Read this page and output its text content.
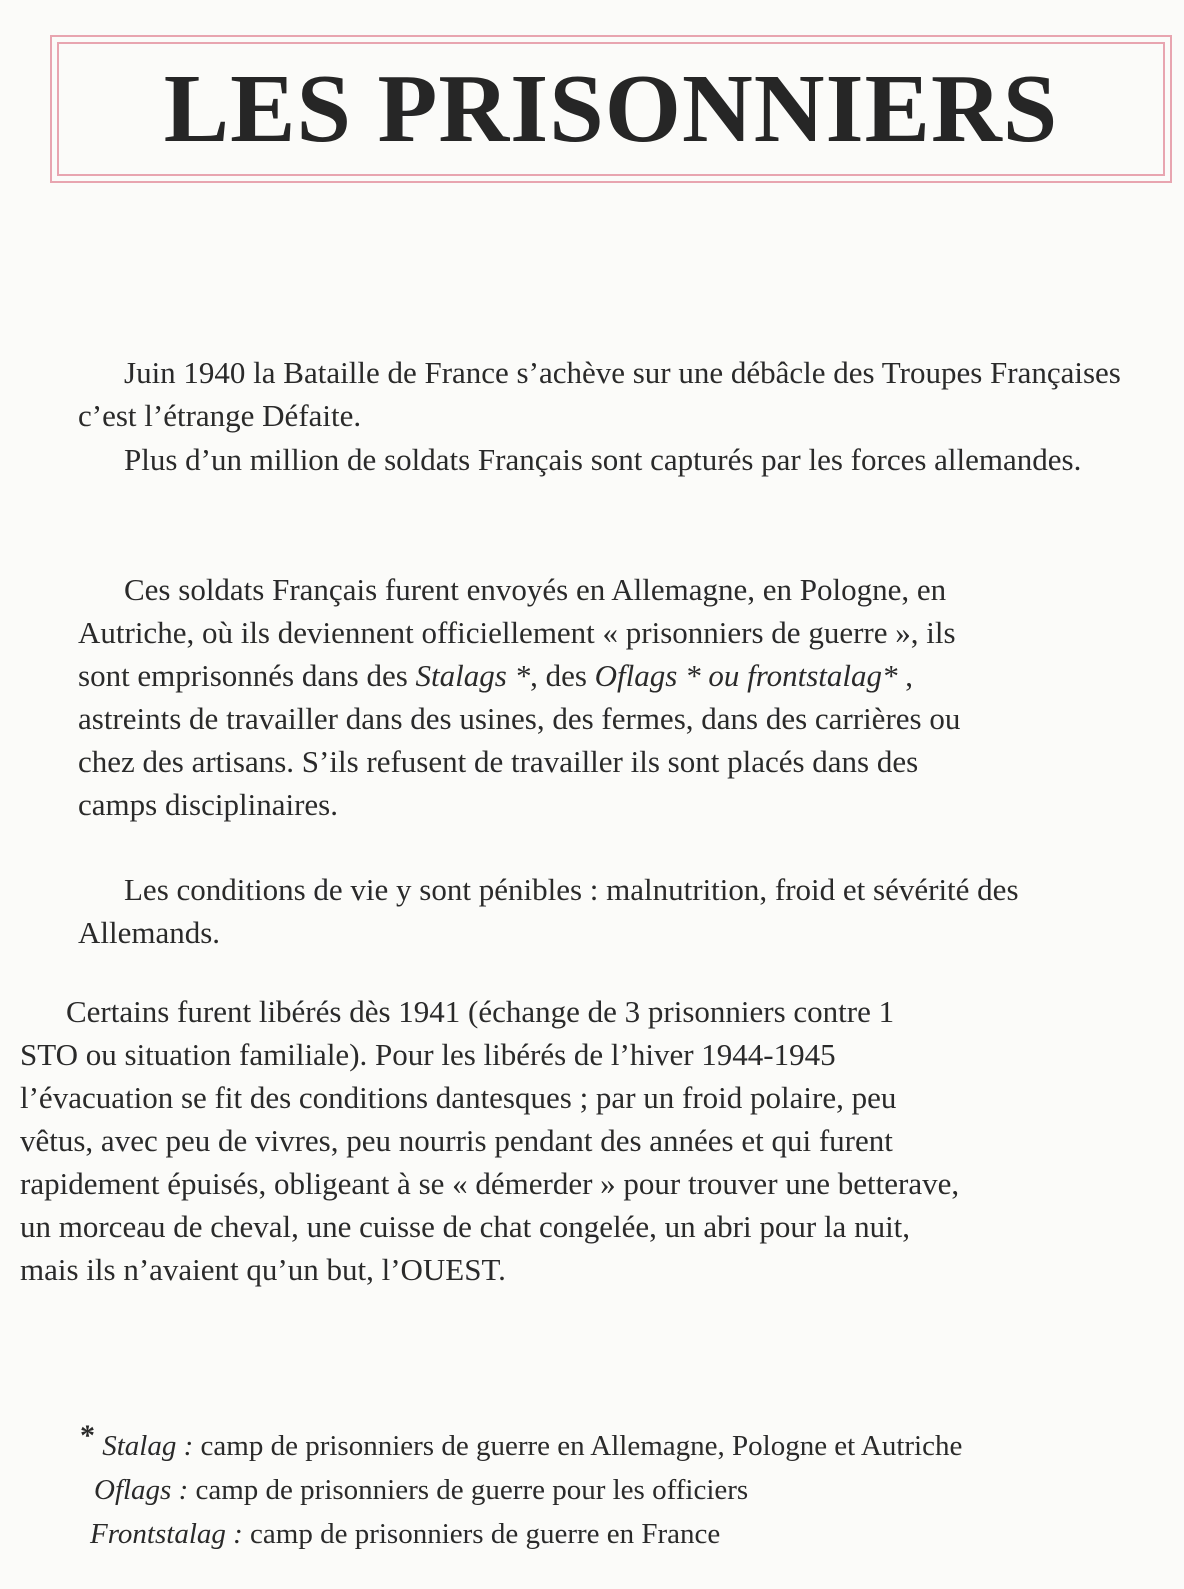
LES PRISONNIERS

Juin 1940 la Bataille de France s’achève sur une débâcle des Troupes Françaises c’est l’étrange Défaite.

Plus d’un million de soldats Français sont capturés par les forces allemandes.

Ces soldats Français furent envoyés en Allemagne, en Pologne, en
Autriche, où ils deviennent officiellement « prisonniers de guerre », ils
sont emprisonnés dans des Stalags *, des Oflags * ou frontstalag* ,
astreints de travailler dans des usines, des fermes, dans des carrières ou
chez des artisans. S’ils refusent de travailler ils sont placés dans des
camps disciplinaires.

Les conditions de vie y sont pénibles : malnutrition, froid et sévérité des Allemands.

Certains furent libérés dès 1941 (échange de 3 prisonniers contre 1
STO ou situation familiale). Pour les libérés de l’hiver 1944-1945
l’évacuation se fit des conditions dantesques ; par un froid polaire, peu
vêtus, avec peu de vivres, peu nourris pendant des années et qui furent
rapidement épuisés, obligeant à se « démerder » pour trouver une betterave,
un morceau de cheval, une cuisse de chat congelée, un abri pour la nuit,
mais ils n’avaient qu’un but, l’OUEST.
* Stalag : camp de prisonniers de guerre en Allemagne, Pologne et Autriche
Oflags : camp de prisonniers de guerre pour les officiers
Frontstalag : camp de prisonniers de guerre en France
